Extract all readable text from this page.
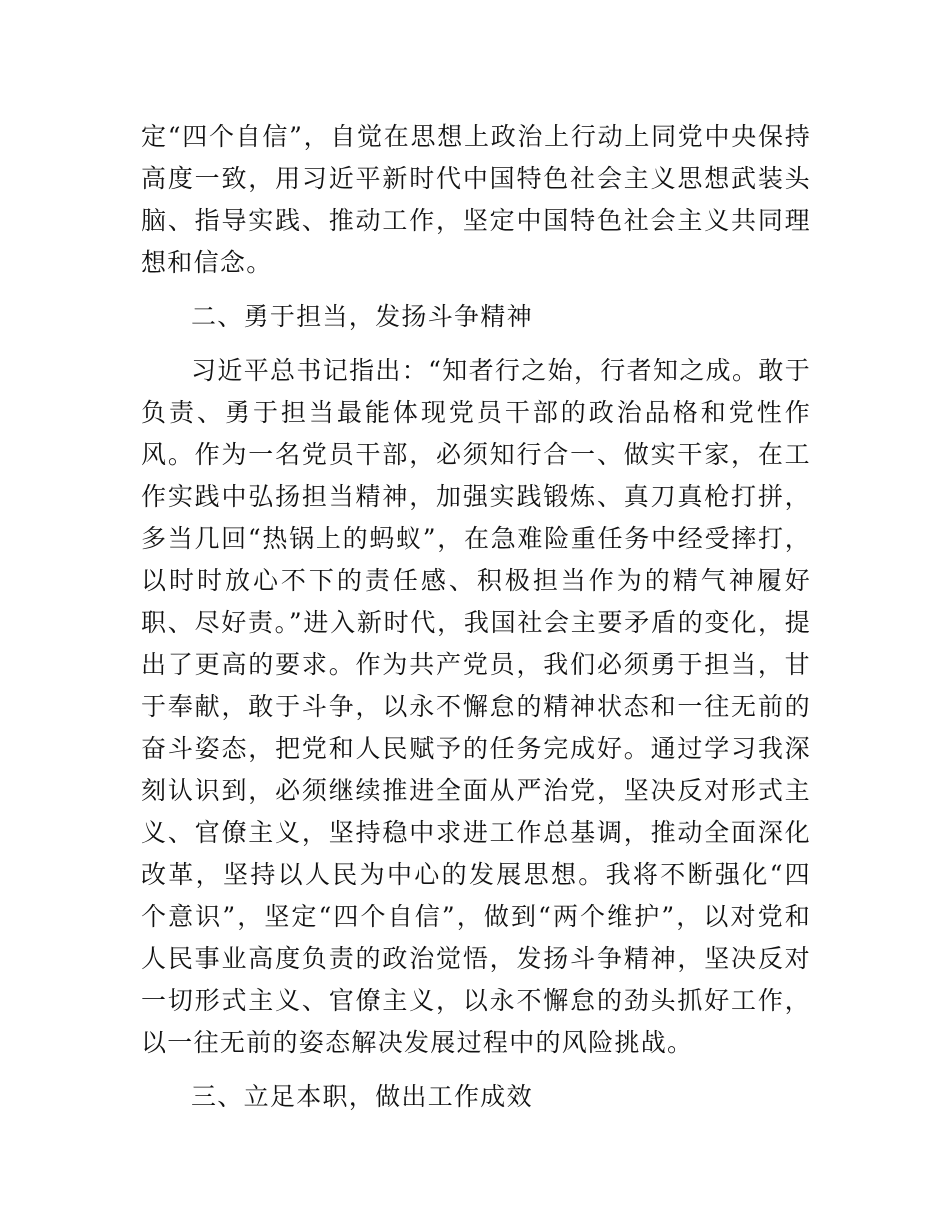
定“四个自信”，自觉在思想上政治上行动上同党中央保持高度一致，用习近平新时代中国特色社会主义思想武装头脑、指导实践、推动工作，坚定中国特色社会主义共同理想和信念。

二、勇于担当，发扬斗争精神

习近平总书记指出：“知者行之始，行者知之成。敢于负责、勇于担当最能体现党员干部的政治品格和党性作风。作为一名党员干部，必须知行合一、做实干家，在工作实践中弘扬担当精神，加强实践锻炼、真刀真枪打拼，多当几回“热锅上的蚂蚁”，在急难险重任务中经受摔打，以时时放心不下的责任感、积极担当作为的精气神履好职、尽好责。”进入新时代，我国社会主要矛盾的变化，提出了更高的要求。作为共产党员，我们必须勇于担当，甘于奉献，敢于斗争，以永不懈怠的精神状态和一往无前的奋斗姿态，把党和人民赋予的任务完成好。通过学习我深刻认识到，必须继续推进全面从严治党，坚决反对形式主义、官僚主义，坚持稳中求进工作总基调，推动全面深化改革，坚持以人民为中心的发展思想。我将不断强化“四个意识”，坚定“四个自信”，做到“两个维护”，以对党和人民事业高度负责的政治觉悟，发扬斗争精神，坚决反对一切形式主义、官僚主义，以永不懈怠的劲头抓好工作，以一往无前的姿态解决发展过程中的风险挑战。

三、立足本职，做出工作成效
